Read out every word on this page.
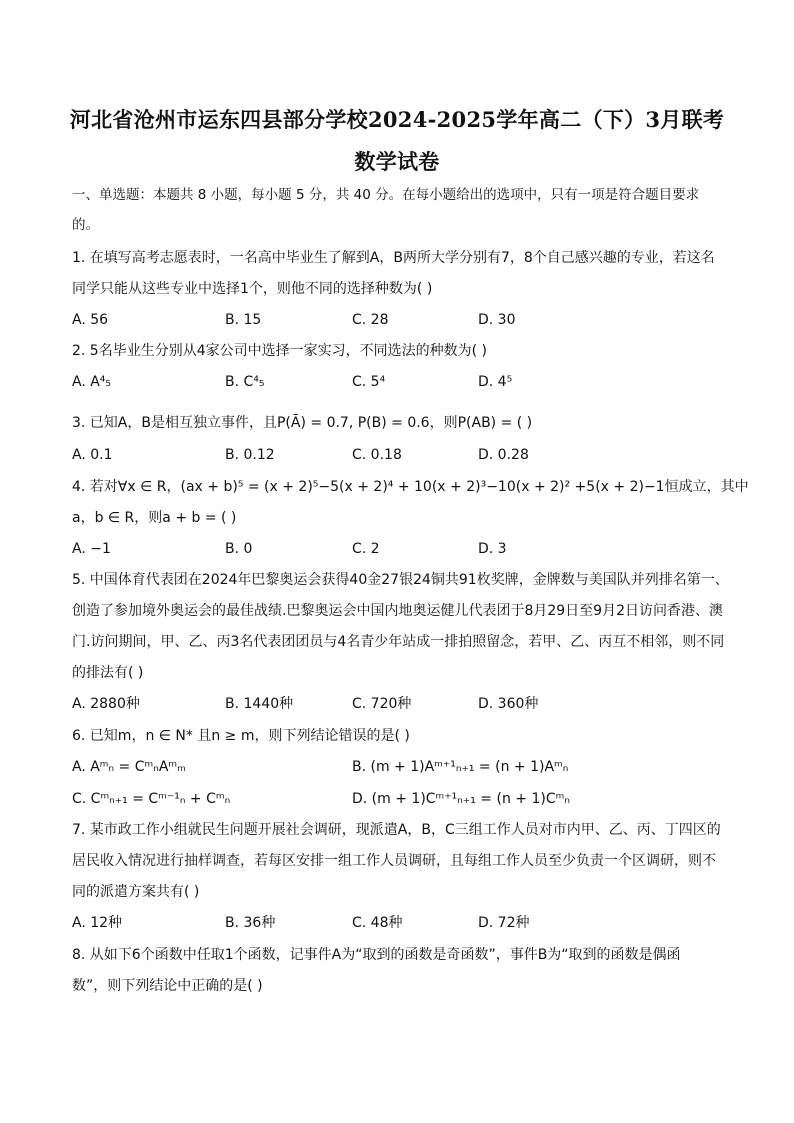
河北省沧州市运东四县部分学校2024-2025学年高二（下）3月联考
数学试卷
一、单选题：本题共 8 小题，每小题 5 分，共 40 分。在每小题给出的选项中，只有一项是符合题目要求
的。
1. 在填写高考志愿表时，一名高中毕业生了解到A，B两所大学分别有7，8个自己感兴趣的专业，若这名
同学只能从这些专业中选择1个，则他不同的选择种数为( )
A. 56	B. 15	C. 28	D. 30
2. 5名毕业生分别从4家公司中选择一家实习，不同选法的种数为( )
A. A⁴₅	B. C⁴₅	C. 5⁴	D. 4⁵
3. 已知A，B是相互独立事件，且P(Ā) = 0.7, P(B) = 0.6，则P(AB) = ( )
A. 0.1	B. 0.12	C. 0.18	D. 0.28
4. 若对∀x ∈ R，(ax + b)⁵ = (x + 2)⁵−5(x + 2)⁴ + 10(x + 2)³−10(x + 2)² +5(x + 2)−1恒成立，其中
a，b ∈ R，则a + b = ( )
A. −1	B. 0	C. 2	D. 3
5. 中国体育代表团在2024年巴黎奥运会获得40金27银24铜共91枚奖牌，金牌数与美国队并列排名第一、
创造了参加境外奥运会的最佳战绩.巴黎奥运会中国内地奥运健儿代表团于8月29日至9月2日访问香港、澳
门.访问期间，甲、乙、丙3名代表团团员与4名青少年站成一排拍照留念，若甲、乙、丙互不相邻，则不同
的排法有( )
A. 2880种	B. 1440种	C. 720种	D. 360种
6. 已知m，n ∈ N* 且n ≥ m，则下列结论错误的是( )
A. Aᵐₙ = CᵐₙAᵐₘ	B. (m + 1)Aᵐ⁺¹ₙ₊₁ = (n + 1)Aᵐₙ
C. Cᵐₙ₊₁ = Cᵐ⁻¹ₙ + Cᵐₙ	D. (m + 1)Cᵐ⁺¹ₙ₊₁ = (n + 1)Cᵐₙ
7. 某市政工作小组就民生问题开展社会调研，现派遣A，B，C三组工作人员对市内甲、乙、丙、丁四区的
居民收入情况进行抽样调查，若每区安排一组工作人员调研，且每组工作人员至少负责一个区调研，则不
同的派遣方案共有( )
A. 12种	B. 36种	C. 48种	D. 72种
8. 从如下6个函数中任取1个函数，记事件A为“取到的函数是奇函数”，事件B为“取到的函数是偶函
数”，则下列结论中正确的是( )
